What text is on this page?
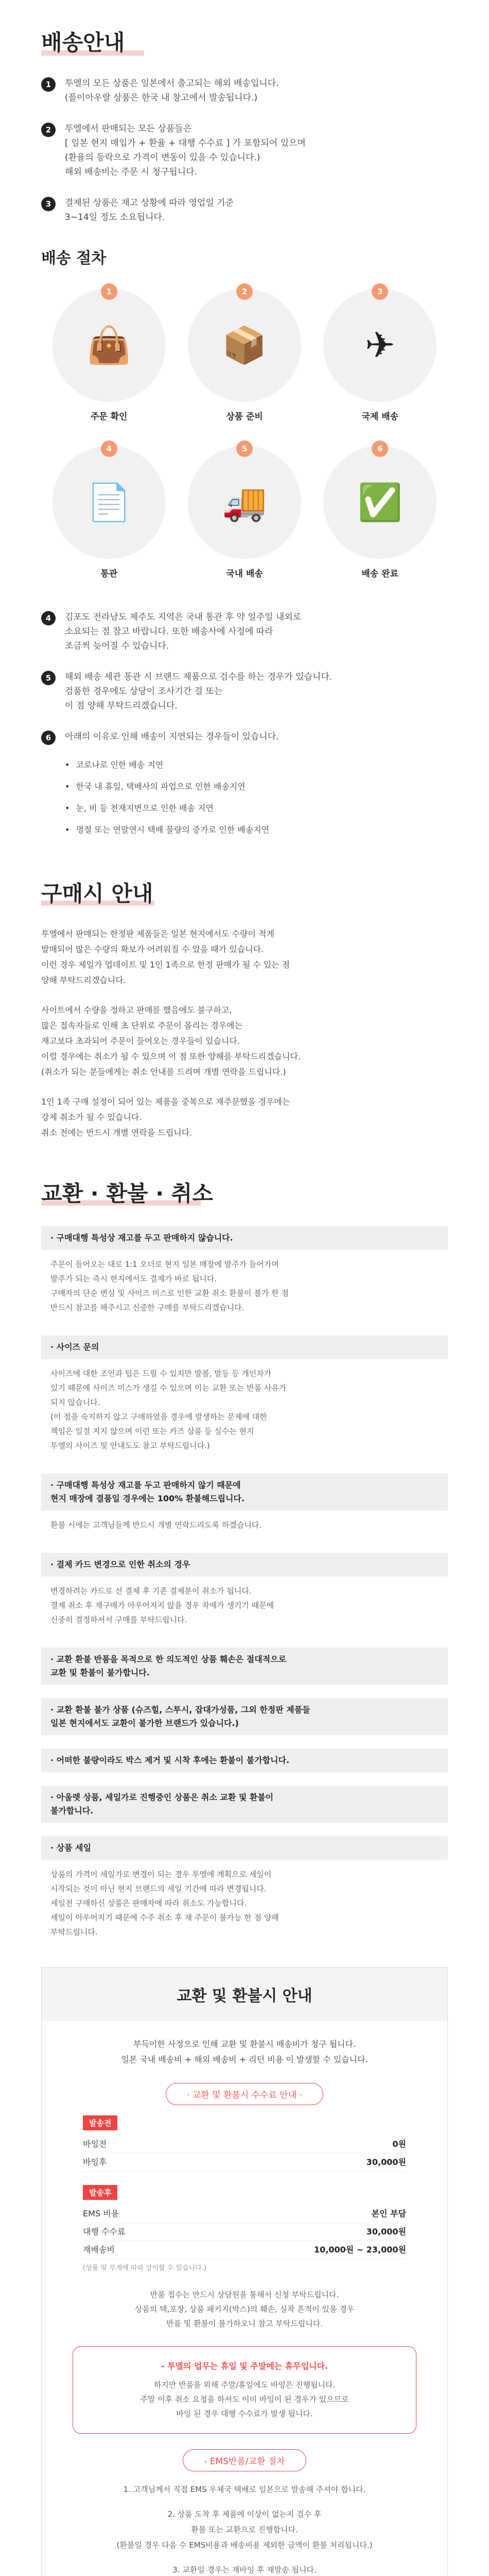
배송안내
1	투엘의 모든 상품은 일본에서 출고되는 해외 배송입니다.
(플이아우랄 상품은 한국 내 창고에서 발송됩니다.)
2	투엘에서 판매되는 모든 상품들은
[ 일본 현지 매입가 + 환율 + 대행 수수료 ] 가 포함되어 있으며
(환율의 등락으로 가격이 변동이 있을 수 있습니다.)
해외 배송비는 주문 시 청구됩니다.
3	결제된 상품은 재고 상황에 따라 영업일 기준
3~14일 정도 소요됩니다.
배송 절차
1
👜
주문 확인
2
📦
상품 준비
3
✈
국제 배송
4
📄
통관
5
🚚
국내 배송
6
✅
배송 완료
4	김포도 전라남도 제주도 지역은 국내 통관 후 약 일주일 내외로
소요되는 점 참고 바랍니다. 또한 배송사에 사정에 따라
조금씩 늦어질 수 있습니다.
5	해외 배송 세관 통관 시 브랜드 제품으로 검수를 하는 경우가 있습니다.
검품한 경우에도 상당이 조사기간 걸 또는
이 점 양해 부탁드리겠습니다.
6	아래의 이유로 인해 배송이 지연되는 경우들이 있습니다.
• 코로나로 인한 배송 지연
• 한국 내 휴일, 택배사의 파업으로 인한 배송지연
• 눈, 비 등 천재지변으로 인한 배송 지연
• 명절 또는 연말연시 택배 물량의 증가로 인한 배송지연
구매시 안내
투엘에서 판매되는 한정판 제품들은 일본 현지에서도 수량이 적게
발매되어 많은 수량의 확보가 어려워질 수 있을 때가 있습니다.
이런 경우 제일가 업데이트 및 1인 1족으로 한정 판매가 될 수 있는 점
양해 부탁드리겠습니다.
사이트에서 수량을 정하고 판매를 했음에도 불구하고,
많은 접속자들로 인해 초 단위로 주문이 몰리는 경우에는
재고보다 초과되어 주문이 들어오는 경우들이 있습니다.
이럴 경우에는 취소가 될 수 있으며 이 점 또한 양해를 부탁드리겠습니다.
(취소가 되는 분들에게는 취소 안내를 드리며 개별 연락을 드립니다.)
1인 1족 구매 설정이 되어 있는 제품을 중복으로 재주문했을 경우에는
강제 취소가 될 수 있습니다.
취소 전에는 반드시 개별 연락을 드립니다.
교환 · 환불 · 취소
· 구매대행 특성상 재고를 두고 판매하지 않습니다.
주문이 들어오는 대로 1:1 오더로 현지 일본 매장에 발주가 들어가며
발주가 되는 즉시 현지에서도 결제가 바로 됩니다.
구매자의 단순 변심 및 사이즈 미스로 인한 교환 취소 환불이 불가 한 점
반드시 참고를 해주시고 신중한 구매를 부탁드리겠습니다.
· 사이즈 문의
사이즈에 대한 조언과 팁은 드릴 수 있지만 발볼, 발등 등 개인차가
있기 때문에 사이즈 미스가 생길 수 있으며 이는 교환 또는 반품 사유가
되지 않습니다.
(이 점을 숙지하지 않고 구매하였을 경우에 발생하는 문제에 대한
책임은 일절 지지 않으며 이런 또는 카즈 상품 등 실수는 현지
투엘의 사이즈 및 안내도도 참고 부탁드립니다.)
· 구매대행 특성상 재고를 두고 판매하지 않기 때문에
현지 매장에 결품일 경우에는 100% 환불해드립니다.
환불 시에는 고객님들께 반드시 개별 연락드리도록 하겠습니다.
· 결제 카드 변경으로 인한 취소의 경우
변경하려는 카드로 선 결제 후 기존 결제분이 취소가 됩니다.
결제 취소 후 재구매가 아우어지지 않을 경우 착예가 생기기 때문에
신중히 결정하셔서 구매를 부탁드립니다.
· 교환 환불 반품을 목적으로 한 의도적인 상품 훼손은 절대적으로
교환 및 환불이 불가합니다.
· 교환 환불 불가 상품 (슈즈힐, 스투시, 잡대가성품, 그외 한정판 제품들
일본 현지에서도 교환이 불가한 브랜드가 있습니다.)
· 어떠한 불량이라도 박스 제거 및 시착 후에는 환불이 불가합니다.
· 아울렛 상품, 세일가로 진행중인 상품은 취소 교환 및 환불이
불가합니다.
· 상품 세일
상품의 가격이 세일가로 변경이 되는 경우 투엘에 계획으로 세일이
시작되는 것이 아닌 현지 브랜드의 세일 기간에 따라 변경됩니다.
세일전 구매하신 상품은 판매자에 따라 취소도 가능합니다.
세일이 아우어지기 때문에 수주 취소 후 재 주문이 불가능 한 점 양해
부탁드립니다.
교환 및 환불시 안내
부득이한 사정으로 인해 교환 및 환불시 배송비가 청구 됩니다.
일본 국내 배송비 + 해외 배송비 + 리턴 비용 이 발생할 수 있습니다.
· 교환 및 환불시 수수료 안내 ·
발송전
바잉전	0원
바잉후	30,000원
발송후
EMS 비용	본인 부담
대행 수수료	30,000원
재배송비	10,000원 ~ 23,000원
(상품 및 무게에 따라 상이할 수 있습니다.)
반품 접수는 반드시 상담원을 통해서 신청 부탁드립니다.
상품의 택,포장, 상품 패키지(박스)의 훼손, 실착 흔적이 있을 경우
반품 및 환불이 불가하오니 참고 부탁드립니다.
- 투엘의 업무는 휴일 및 주말에는 휴무입니다.
하지만 반품을 위해 주말/휴일에도 바잉은 진행됩니다.
주말 이후 취소 요청을 하셔도 이미 바잉이 된 경우가 있으므로
바잉 된 경우 대행 수수료가 발생 됩니다.
- EMS반품/교환 절차

1. 고객님께서 직접 EMS 우체국 택배로 일본으로 발송해 주셔야 합니다.

2. 상품 도착 후 제품에 이상이 없는지 검수 후
환불 또는 교환으로 진행합니다.
(환불일 경우 다음 수 EMS비용과 배송비용 제외한 금액이 환불 처리됩니다.)

3. 교환일 경우는 재바잉 후 재발송 됩니다.
